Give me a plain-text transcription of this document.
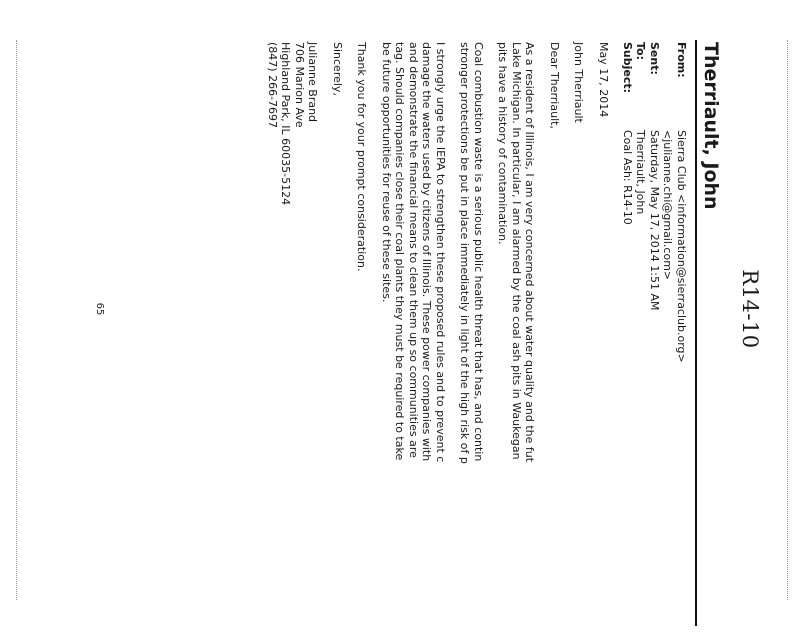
R14-10
Therriault, John
From:
Sierra Club <information@sierraclub.org>
<julianne.chi@gmail.com>
Sent:
Saturday, May 17, 2014 1:51 AM
To:
Therriault, John
Subject:
Coal Ash: R14-10

May 17, 2014

John Therriault

Dear Therriault,

As a resident of Illinois, I am very concerned about water quality and the fut
Lake Michigan. In particular, I am alarmed by the coal ash pits in Waukegan
pits have a history of contamination.

Coal combustion waste is a serious public health threat that has, and contin
stronger protections be put in place immediately in light of the high risk of p

I strongly urge the IEPA to strengthen these proposed rules and to prevent c
damage the waters used by citizens of Illinois. These power companies with
and demonstrate the financial means to clean them up so communities are
tag. Should companies close their coal plants they must be required to take
be future opportunities for reuse of these sites.

Thank you for your prompt consideration.

Sincerely,

Julianne Brand
706 Marion Ave
Highland Park, IL 60035-5124
(847) 266-7697
65
